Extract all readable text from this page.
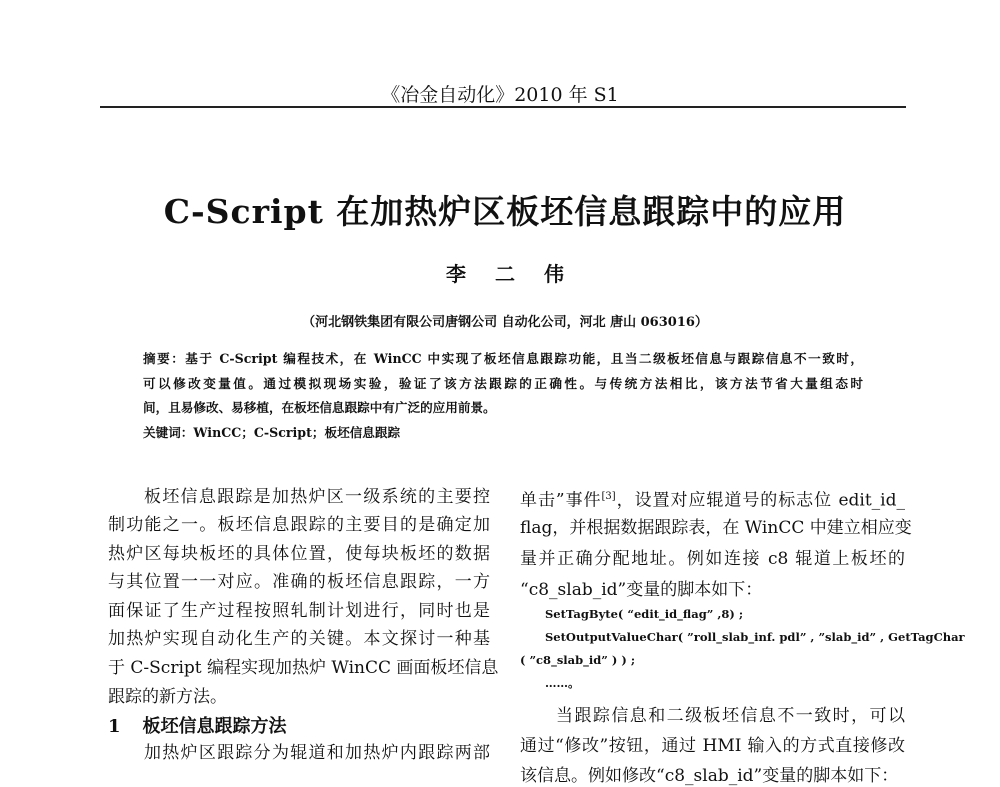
《冶金自动化》2010 年 S1
C-Script 在加热炉区板坯信息跟踪中的应用
李 二 伟
（河北钢铁集团有限公司唐钢公司 自动化公司，河北 唐山 063016）
摘要：基于 C-Script 编程技术，在 WinCC 中实现了板坯信息跟踪功能，且当二级板坯信息与跟踪信息不一致时，
可以修改变量值。通过模拟现场实验，验证了该方法跟踪的正确性。与传统方法相比，该方法节省大量组态时
间，且易修改、易移植，在板坯信息跟踪中有广泛的应用前景。
关键词：WinCC；C-Script；板坯信息跟踪
板坯信息跟踪是加热炉区一级系统的主要控
制功能之一。板坯信息跟踪的主要目的是确定加
热炉区每块板坯的具体位置，使每块板坯的数据
与其位置一一对应。准确的板坯信息跟踪，一方
面保证了生产过程按照轧制计划进行，同时也是
加热炉实现自动化生产的关键。本文探讨一种基
于 C-Script 编程实现加热炉 WinCC 画面板坯信息
跟踪的新方法。
1 板坯信息跟踪方法
加热炉区跟踪分为辊道和加热炉内跟踪两部
单击”事件[3]，设置对应辊道号的标志位 edit_id_
flag，并根据数据跟踪表，在 WinCC 中建立相应变
量并正确分配地址。例如连接 c8 辊道上板坯的
“c8_slab_id”变量的脚本如下：
SetTagByte( “edit_id_flag” ,8) ;
SetOutputValueChar( ”roll_slab_inf. pdl” , ”slab_id” , GetTagChar
( ”c8_slab_id” ) ) ;
……。
当跟踪信息和二级板坯信息不一致时，可以
通过“修改”按钮，通过 HMI 输入的方式直接修改
该信息。例如修改“c8_slab_id”变量的脚本如下：
